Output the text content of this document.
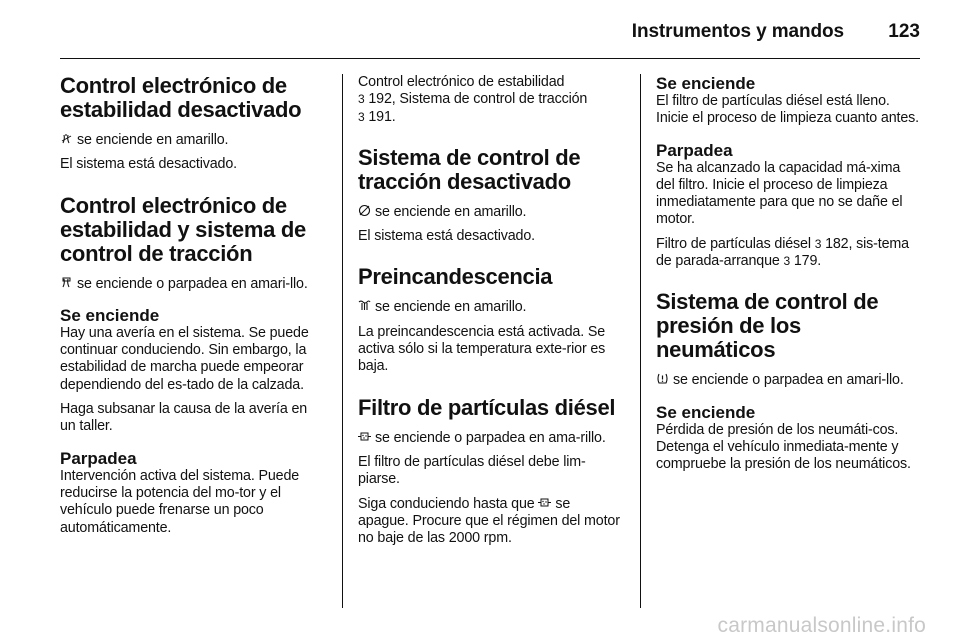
Instrumentos y mandos 123
Control electrónico de estabilidad desactivado

se enciende en amarillo.

El sistema está desactivado.

Control electrónico de estabilidad y sistema de control de tracción

se enciende o parpadea en amari-llo.

Se enciende

Hay una avería en el sistema. Se puede continuar conduciendo. Sin embargo, la estabilidad de marcha puede empeorar dependiendo del es-tado de la calzada.

Haga subsanar la causa de la avería en un taller.

Parpadea

Intervención activa del sistema. Puede reducirse la potencia del mo-tor y el vehículo puede frenarse un poco automáticamente.

Control electrónico de estabilidad
3 192, Sistema de control de tracción
3 191.

Sistema de control de tracción desactivado

se enciende en amarillo.

El sistema está desactivado.

Preincandescencia

se enciende en amarillo.

La preincandescencia está activada. Se activa sólo si la temperatura exte-rior es baja.

Filtro de partículas diésel

se enciende o parpadea en ama-rillo.

El filtro de partículas diésel debe lim-piarse.

Siga conduciendo hasta que se apague. Procure que el régimen del motor no baje de las 2000 rpm.

Se enciende

El filtro de partículas diésel está lleno. Inicie el proceso de limpieza cuanto antes.

Parpadea

Se ha alcanzado la capacidad má-xima del filtro. Inicie el proceso de limpieza inmediatamente para que no se dañe el motor.

Filtro de partículas diésel 3 182, sis-tema de parada-arranque 3 179.

Sistema de control de presión de los neumáticos

se enciende o parpadea en amari-llo.

Se enciende

Pérdida de presión de los neumáti-cos. Detenga el vehículo inmediata-mente y compruebe la presión de los neumáticos.

carmanualsonline.info
